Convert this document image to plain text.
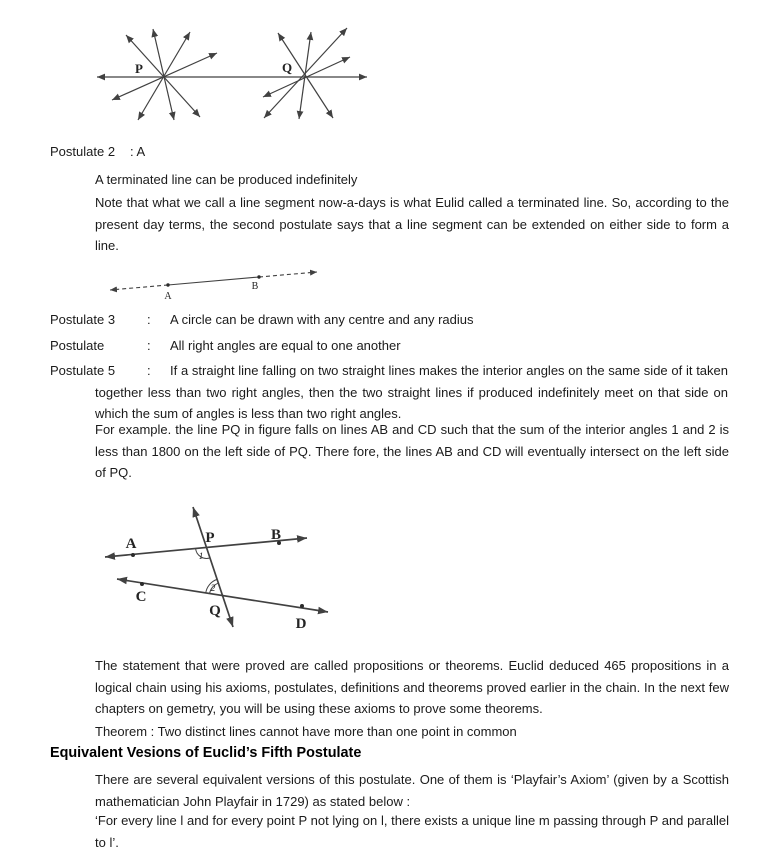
P	Q
Postulate 2 : A
A terminated line can be produced indefinitely
Note that what we call a line segment now-a-days is what Eulid called a terminated line. So, according to the present day terms, the second postulate says that a line segment can be extended on either side to form a line.
A
B
Postulate 3 : A circle can be drawn with any centre and any radius
Postulate	: All right angles are equal to one another
Postulate 5 : If a straight line falling on two straight lines makes the interior angles on the same side of it taken together less than two right angles, then the two straight lines if produced indefinitely meet on that side on which the sum of angles is less than two right angles.
For example. the line PQ in figure falls on lines AB and CD such that the sum of the interior angles 1 and 2 is less than 1800 on the left side of PQ. There fore, the lines AB and CD will eventually intersect on the left side of PQ.
A
B
P
C
Q
D
1
2
The statement that were proved are called propositions or theorems. Euclid deduced 465 propositions in a logical chain using his axioms, postulates, definitions and theorems proved earlier in the chain. In the next few chapters on gemetry, you will be using these axioms to prove some theorems.
Theorem : Two distinct lines cannot have more than one point in common
Equivalent Vesions of Euclid’s Fifth Postulate
There are several equivalent versions of this postulate. One of them is ‘Playfair’s Axiom’ (given by a Scottish mathematician John Playfair in 1729) as stated below :
‘For every line l and for every point P not lying on l, there exists a unique line m passing through P and parallel to l’.
